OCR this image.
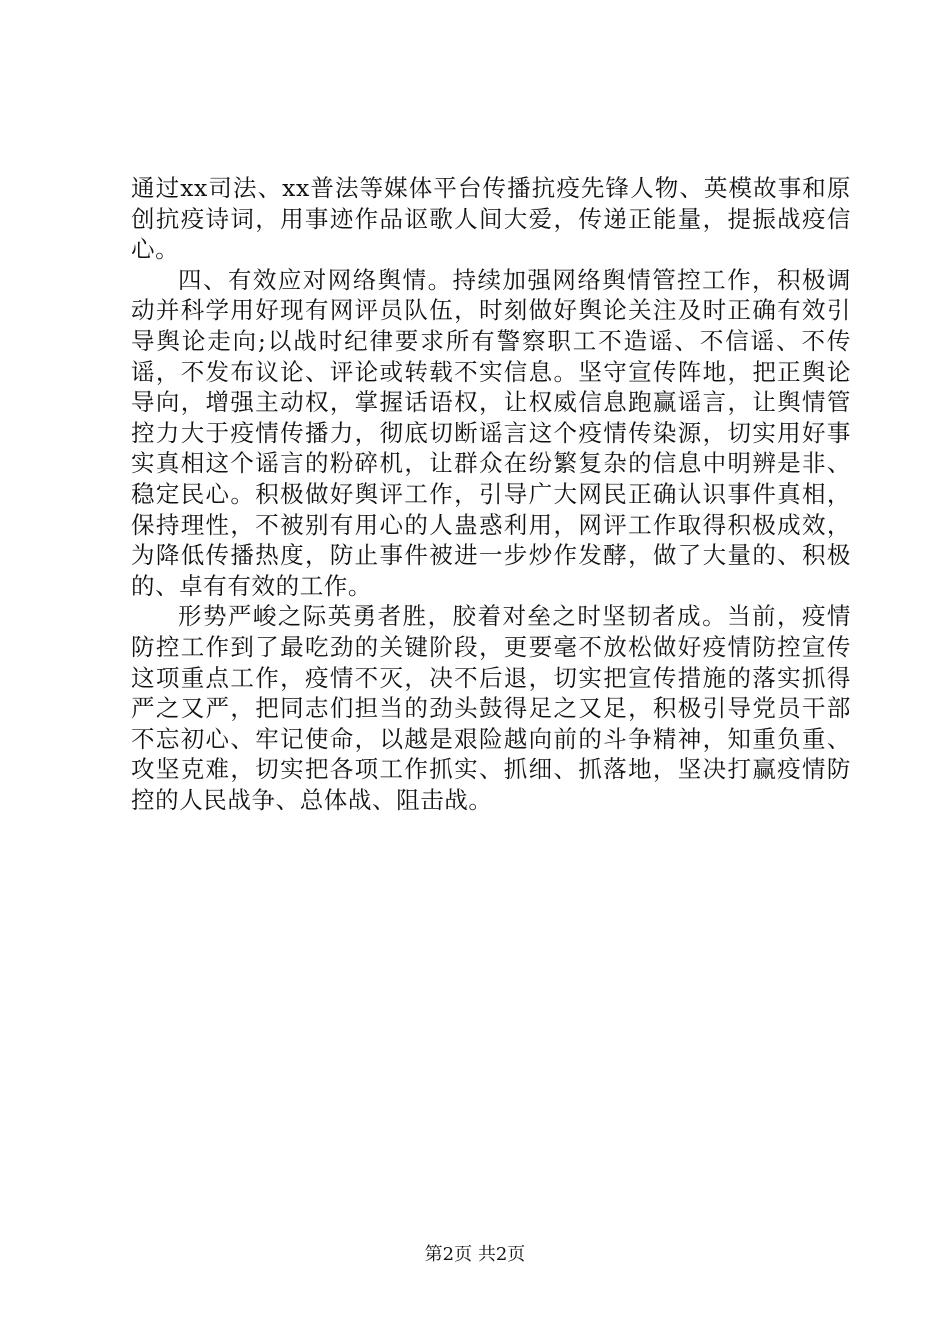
通过xx司法、xx普法等媒体平台传播抗疫先锋人物、英模故事和原创抗疫诗词，用事迹作品讴歌人间大爱，传递正能量，提振战疫信心。

四、有效应对网络舆情。持续加强网络舆情管控工作，积极调动并科学用好现有网评员队伍，时刻做好舆论关注及时正确有效引导舆论走向;以战时纪律要求所有警察职工不造谣、不信谣、不传谣，不发布议论、评论或转载不实信息。坚守宣传阵地，把正舆论导向，增强主动权，掌握话语权，让权威信息跑赢谣言，让舆情管控力大于疫情传播力，彻底切断谣言这个疫情传染源，切实用好事实真相这个谣言的粉碎机，让群众在纷繁复杂的信息中明辨是非、稳定民心。积极做好舆评工作，引导广大网民正确认识事件真相，保持理性，不被别有用心的人蛊惑利用，网评工作取得积极成效，为降低传播热度，防止事件被进一步炒作发酵，做了大量的、积极的、卓有有效的工作。

形势严峻之际英勇者胜，胶着对垒之时坚韧者成。当前，疫情防控工作到了最吃劲的关键阶段，更要毫不放松做好疫情防控宣传这项重点工作，疫情不灭，决不后退，切实把宣传措施的落实抓得严之又严，把同志们担当的劲头鼓得足之又足，积极引导党员干部不忘初心、牢记使命，以越是艰险越向前的斗争精神，知重负重、攻坚克难，切实把各项工作抓实、抓细、抓落地，坚决打赢疫情防控的人民战争、总体战、阻击战。

第2页 共2页
